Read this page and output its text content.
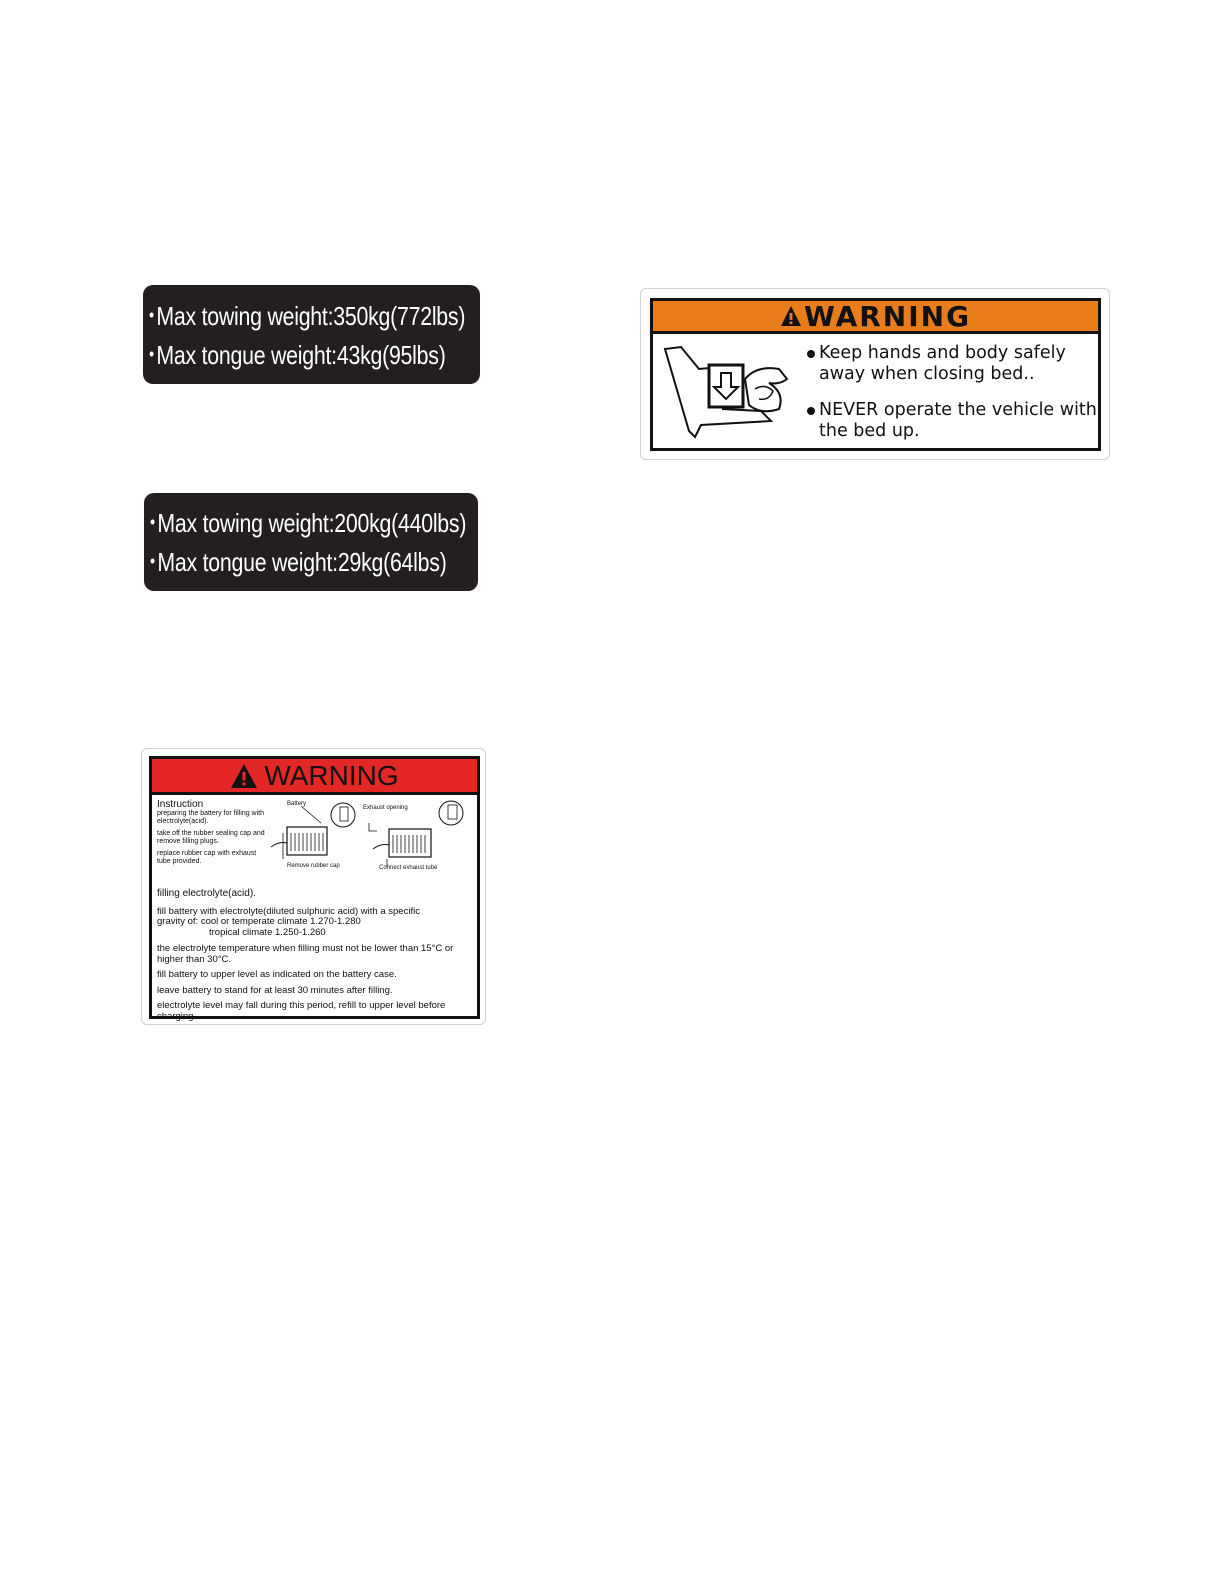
•Max towing weight:350kg(772lbs)
•Max tongue weight:43kg(95lbs)
•Max towing weight:200kg(440lbs)
•Max tongue weight:29kg(64lbs)
WARNING
Keep hands and body safely away when closing bed..
NEVER operate the vehicle with the bed up.
WARNING
Instruction
preparing the battery for filling with electrolyte(acid).
take off the rubber sealing cap and remove filling plugs.
replace rubber cap with exhaust tube provided.
Battery
Exhaust opening
Remove rubber cap	Connect exhaust tube

filling electrolyte(acid).

fill battery with electrolyte(diluted sulphuric acid) with a specific
gravity of: cool or temperate climate 1.270-1.280
tropical climate 1.250-1.260

the electrolyte temperature when filling must not be lower than 15°C or higher than 30°C.

fill battery to upper level as indicated on the battery case.

leave battery to stand for at least 30 minutes after filling.

electrolyte level may fall during this period, refill to upper level before charging.
